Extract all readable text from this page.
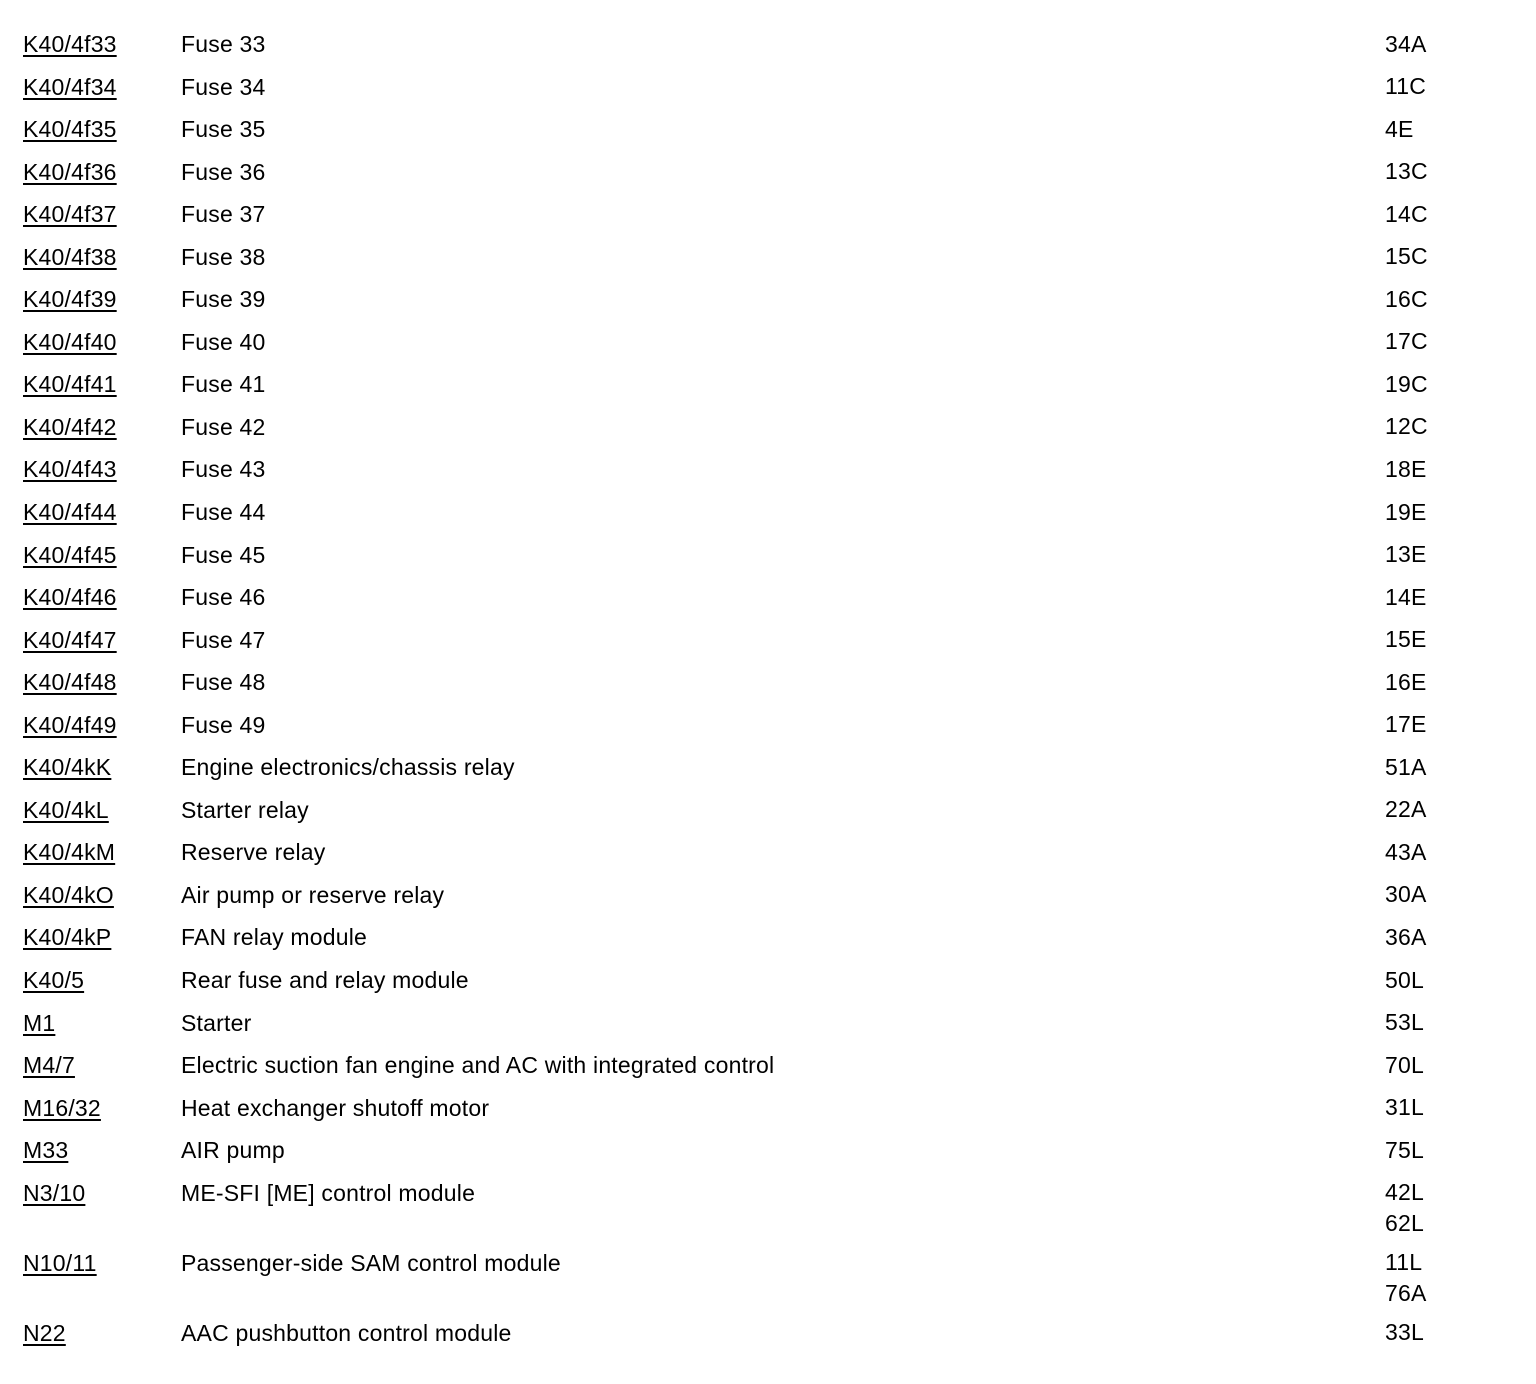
K40/4f33	Fuse 33	34A
K40/4f34	Fuse 34	11C
K40/4f35	Fuse 35	4E
K40/4f36	Fuse 36	13C
K40/4f37	Fuse 37	14C
K40/4f38	Fuse 38	15C
K40/4f39	Fuse 39	16C
K40/4f40	Fuse 40	17C
K40/4f41	Fuse 41	19C
K40/4f42	Fuse 42	12C
K40/4f43	Fuse 43	18E
K40/4f44	Fuse 44	19E
K40/4f45	Fuse 45	13E
K40/4f46	Fuse 46	14E
K40/4f47	Fuse 47	15E
K40/4f48	Fuse 48	16E
K40/4f49	Fuse 49	17E
K40/4kK	Engine electronics/chassis relay	51A
K40/4kL	Starter relay	22A
K40/4kM	Reserve relay	43A
K40/4kO	Air pump or reserve relay	30A
K40/4kP	FAN relay module	36A
K40/5	Rear fuse and relay module	50L
M1	Starter	53L
M4/7	Electric suction fan engine and AC with integrated control	70L
M16/32	Heat exchanger shutoff motor	31L
M33	AIR pump	75L
N3/10	ME-SFI [ME] control module	42L
62L
N10/11	Passenger-side SAM control module	11L
76A
N22	AAC pushbutton control module	33L
